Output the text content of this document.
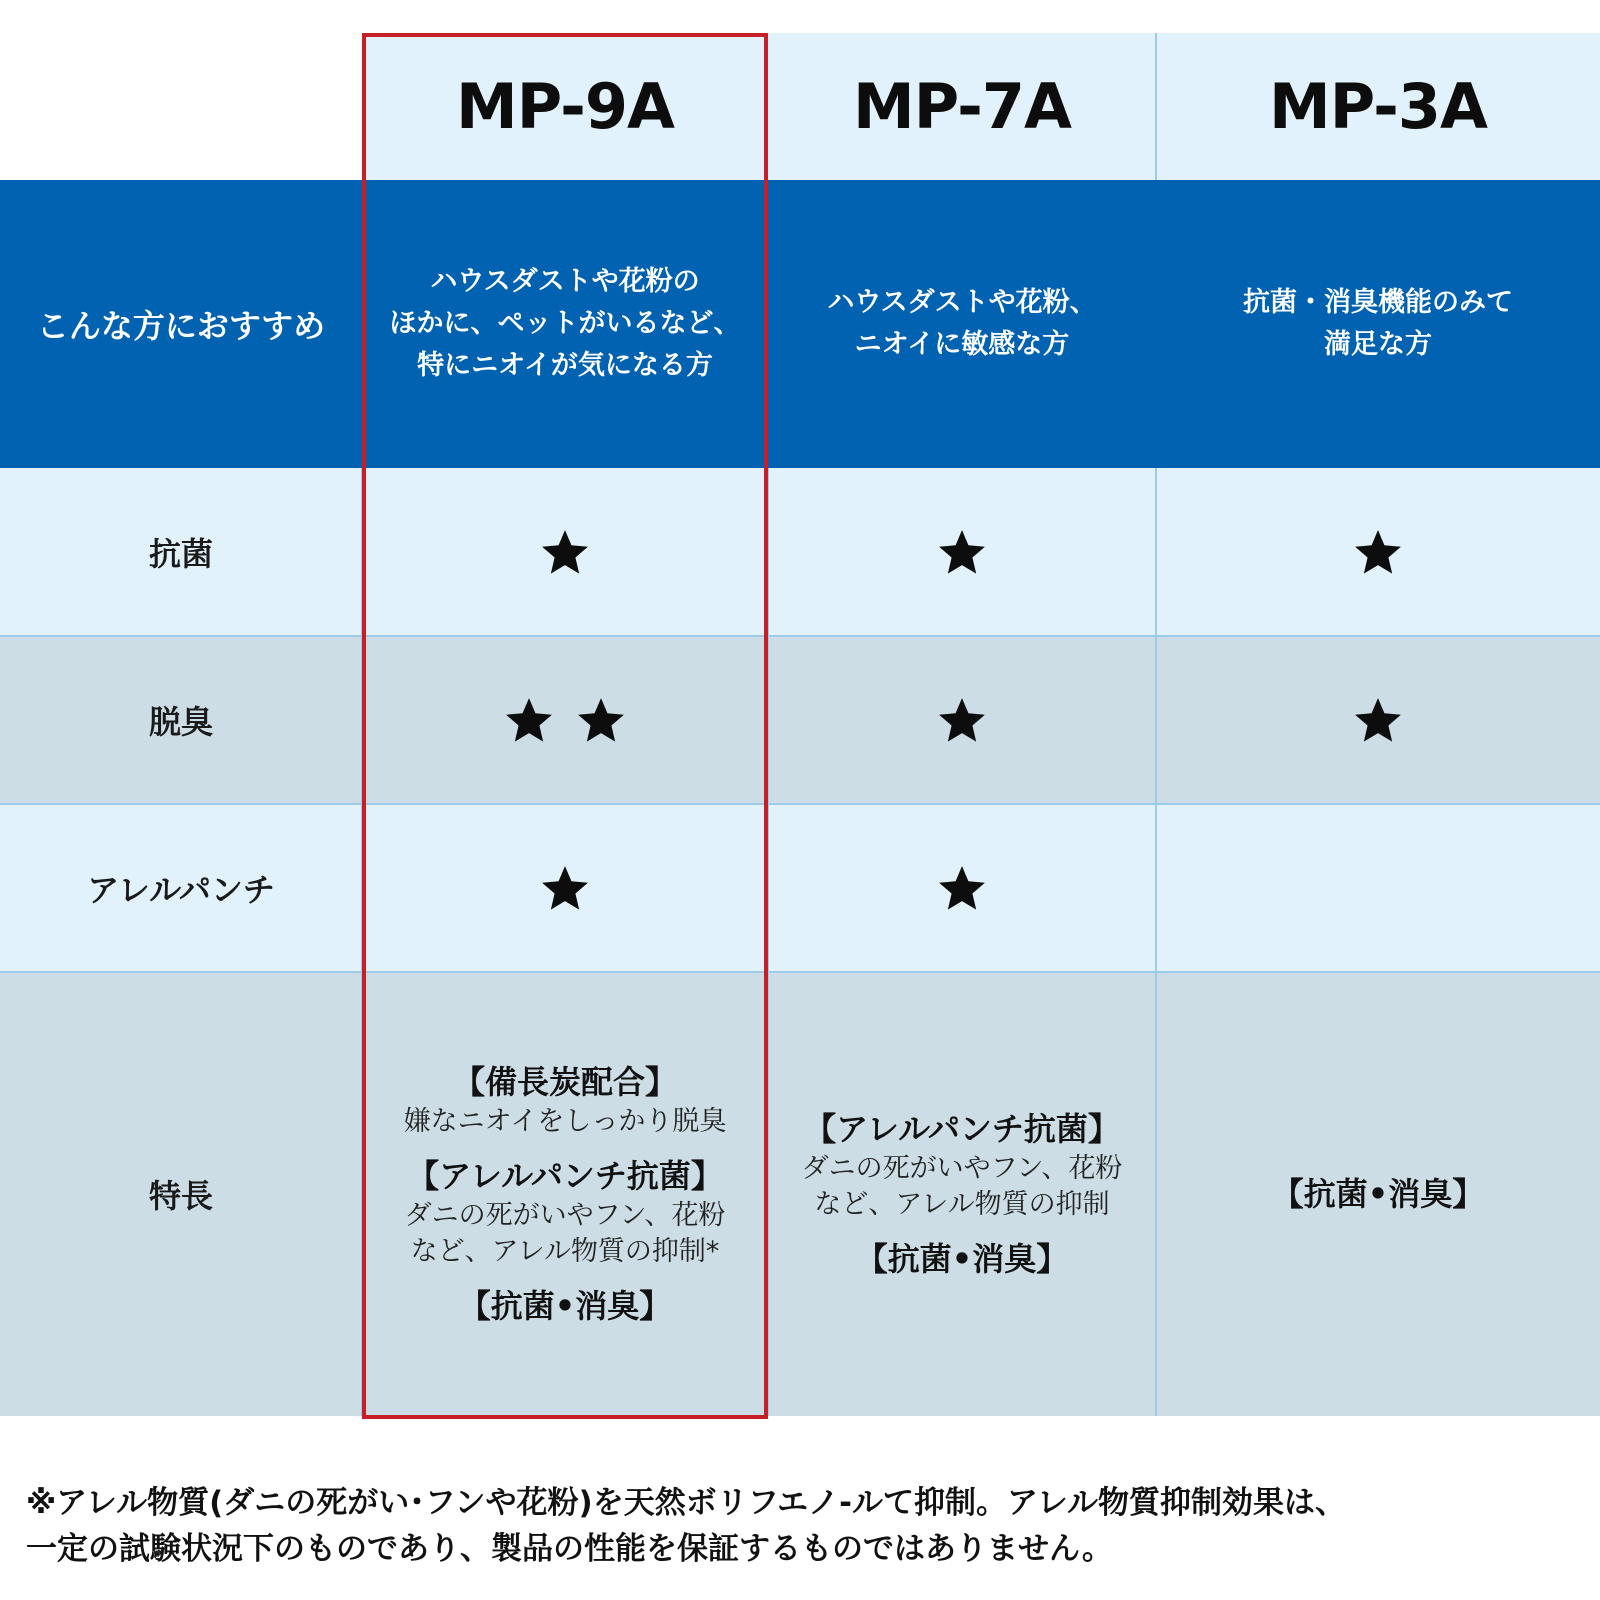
MP-9A	MP-7A	MP-3A
こんな方におすすめ
ハウスダストや花粉の
ほかに、ペットがいるなど、
特にニオイが気になる方
ハウスダストや花粉、
ニオイに敏感な方
抗菌・消臭機能のみて
満足な方
抗菌
脱臭
アレルパンチ
特長
【備長炭配合】
嫌なニオイをしっかり脱臭
【アレルパンチ抗菌】
ダニの死がいやフン、花粉
など、アレル物質の抑制*
【抗菌•消臭】
【アレルパンチ抗菌】
ダニの死がいやフン、花粉
など、アレル物質の抑制
【抗菌•消臭】
【抗菌•消臭】
※アレル物質(ダニの死がい･フンや花粉)を天然ボリフエノ-ルて抑制。アレル物質抑制効果は、
一定の試験状況下のものであり、製品の性能を保証するものではありません。
